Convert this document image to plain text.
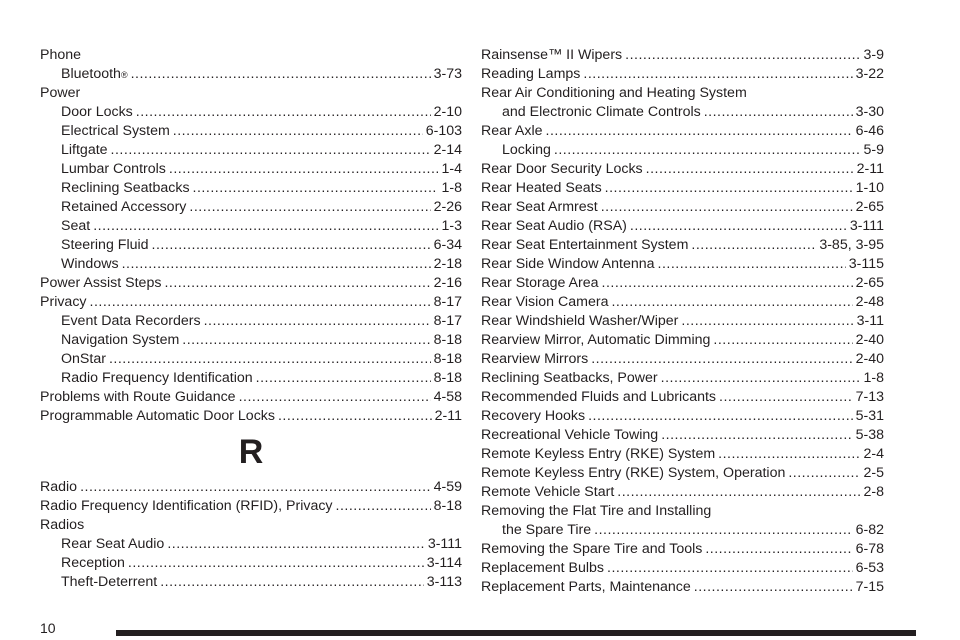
Phone
Bluetooth ® .....	3-73
Power
Door Locks .....	2-10
Electrical System .....	6-103
Liftgate .....	2-14
Lumbar Controls .....	1-4
Reclining Seatbacks .....	1-8
Retained Accessory .....	2-26
Seat .....	1-3
Steering Fluid .....	6-34
Windows .....	2-18
Power Assist Steps .....	2-16
Privacy .....	8-17
Event Data Recorders .....	8-17
Navigation System .....	8-18
OnStar .....	8-18
Radio Frequency Identification .....	8-18
Problems with Route Guidance .....	4-58
Programmable Automatic Door Locks .....	2-11
R
Radio .....	4-59
Radio Frequency Identification (RFID), Privacy .....	8-18
Radios
Rear Seat Audio .....	3-111
Reception .....	3-114
Theft-Deterrent .....	3-113
Rainsense™ II Wipers .....	3-9
Reading Lamps .....	3-22
Rear Air Conditioning and Heating System
and Electronic Climate Controls .....	3-30
Rear Axle .....	6-46
Locking .....	5-9
Rear Door Security Locks .....	2-11
Rear Heated Seats .....	1-10
Rear Seat Armrest .....	2-65
Rear Seat Audio (RSA) .....	3-111
Rear Seat Entertainment System .....	3-85, 3-95
Rear Side Window Antenna .....	3-115
Rear Storage Area .....	2-65
Rear Vision Camera .....	2-48
Rear Windshield Washer/Wiper .....	3-11
Rearview Mirror, Automatic Dimming .....	2-40
Rearview Mirrors .....	2-40
Reclining Seatbacks, Power .....	1-8
Recommended Fluids and Lubricants .....	7-13
Recovery Hooks .....	5-31
Recreational Vehicle Towing .....	5-38
Remote Keyless Entry (RKE) System .....	2-4
Remote Keyless Entry (RKE) System, Operation .....	2-5
Remote Vehicle Start .....	2-8
Removing the Flat Tire and Installing
the Spare Tire .....	6-82
Removing the Spare Tire and Tools .....	6-78
Replacement Bulbs .....	6-53
Replacement Parts, Maintenance .....	7-15
10
